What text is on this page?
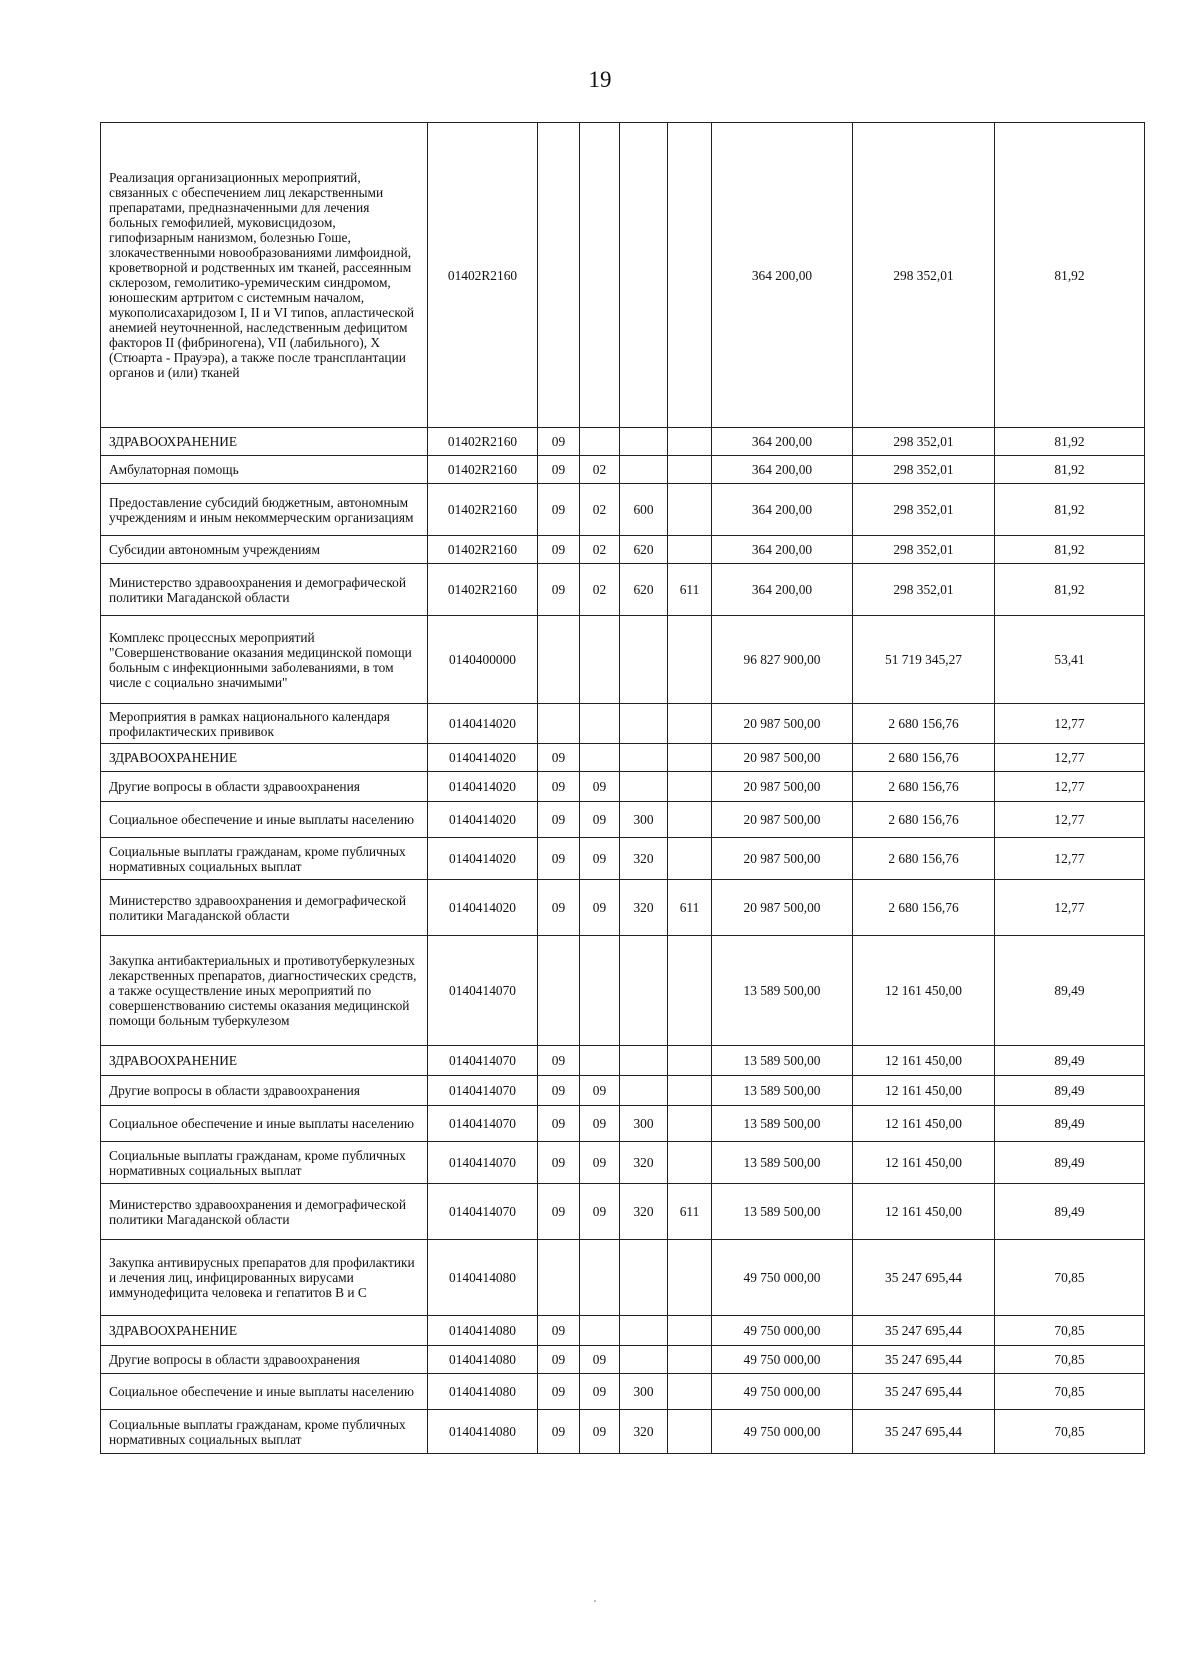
19
Реализация организационных мероприятий, связанных с обеспечением лиц лекарственными препаратами, предназначенными для лечения больных гемофилией, муковисцидозом, гипофизарным нанизмом, болезнью Гоше, злокачественными новообразованиями лимфоидной, кроветворной и родственных им тканей, рассеянным склерозом, гемолитико-уремическим синдромом, юношеским артритом с системным началом, мукополисахаридозом I, II и VI типов, апластической анемией неуточненной, наследственным дефицитом факторов II (фибриногена), VII (лабильного), X (Стюарта - Прауэра), а также после трансплантации органов и (или) тканей	01402R2160					364 200,00	298 352,01	81,92
ЗДРАВООХРАНЕНИЕ	01402R2160	09				364 200,00	298 352,01	81,92
Амбулаторная помощь	01402R2160	09	02			364 200,00	298 352,01	81,92
Предоставление субсидий бюджетным, автономным учреждениям и иным некоммерческим организациям	01402R2160	09	02	600		364 200,00	298 352,01	81,92
Субсидии автономным учреждениям	01402R2160	09	02	620		364 200,00	298 352,01	81,92
Министерство здравоохранения и демографической политики Магаданской области	01402R2160	09	02	620	611	364 200,00	298 352,01	81,92
Комплекс процессных мероприятий "Совершенствование оказания медицинской помощи больным с инфекционными заболеваниями, в том числе с социально значимыми"	0140400000					96 827 900,00	51 719 345,27	53,41
Мероприятия в рамках национального календаря профилактических прививок	0140414020					20 987 500,00	2 680 156,76	12,77
ЗДРАВООХРАНЕНИЕ	0140414020	09				20 987 500,00	2 680 156,76	12,77
Другие вопросы в области здравоохранения	0140414020	09	09			20 987 500,00	2 680 156,76	12,77
Социальное обеспечение и иные выплаты населению	0140414020	09	09	300		20 987 500,00	2 680 156,76	12,77
Социальные выплаты гражданам, кроме публичных нормативных социальных выплат	0140414020	09	09	320		20 987 500,00	2 680 156,76	12,77
Министерство здравоохранения и демографической политики Магаданской области	0140414020	09	09	320	611	20 987 500,00	2 680 156,76	12,77
Закупка антибактериальных и противотуберкулезных лекарственных препаратов, диагностических средств, а также осуществление иных мероприятий по совершенствованию системы оказания медицинской помощи больным туберкулезом	0140414070					13 589 500,00	12 161 450,00	89,49
ЗДРАВООХРАНЕНИЕ	0140414070	09				13 589 500,00	12 161 450,00	89,49
Другие вопросы в области здравоохранения	0140414070	09	09			13 589 500,00	12 161 450,00	89,49
Социальное обеспечение и иные выплаты населению	0140414070	09	09	300		13 589 500,00	12 161 450,00	89,49
Социальные выплаты гражданам, кроме публичных нормативных социальных выплат	0140414070	09	09	320		13 589 500,00	12 161 450,00	89,49
Министерство здравоохранения и демографической политики Магаданской области	0140414070	09	09	320	611	13 589 500,00	12 161 450,00	89,49
Закупка антивирусных препаратов для профилактики и лечения лиц, инфицированных вирусами иммунодефицита человека и гепатитов В и С	0140414080					49 750 000,00	35 247 695,44	70,85
ЗДРАВООХРАНЕНИЕ	0140414080	09				49 750 000,00	35 247 695,44	70,85
Другие вопросы в области здравоохранения	0140414080	09	09			49 750 000,00	35 247 695,44	70,85
Социальное обеспечение и иные выплаты населению	0140414080	09	09	300		49 750 000,00	35 247 695,44	70,85
Социальные выплаты гражданам, кроме публичных нормативных социальных выплат	0140414080	09	09	320		49 750 000,00	35 247 695,44	70,85
